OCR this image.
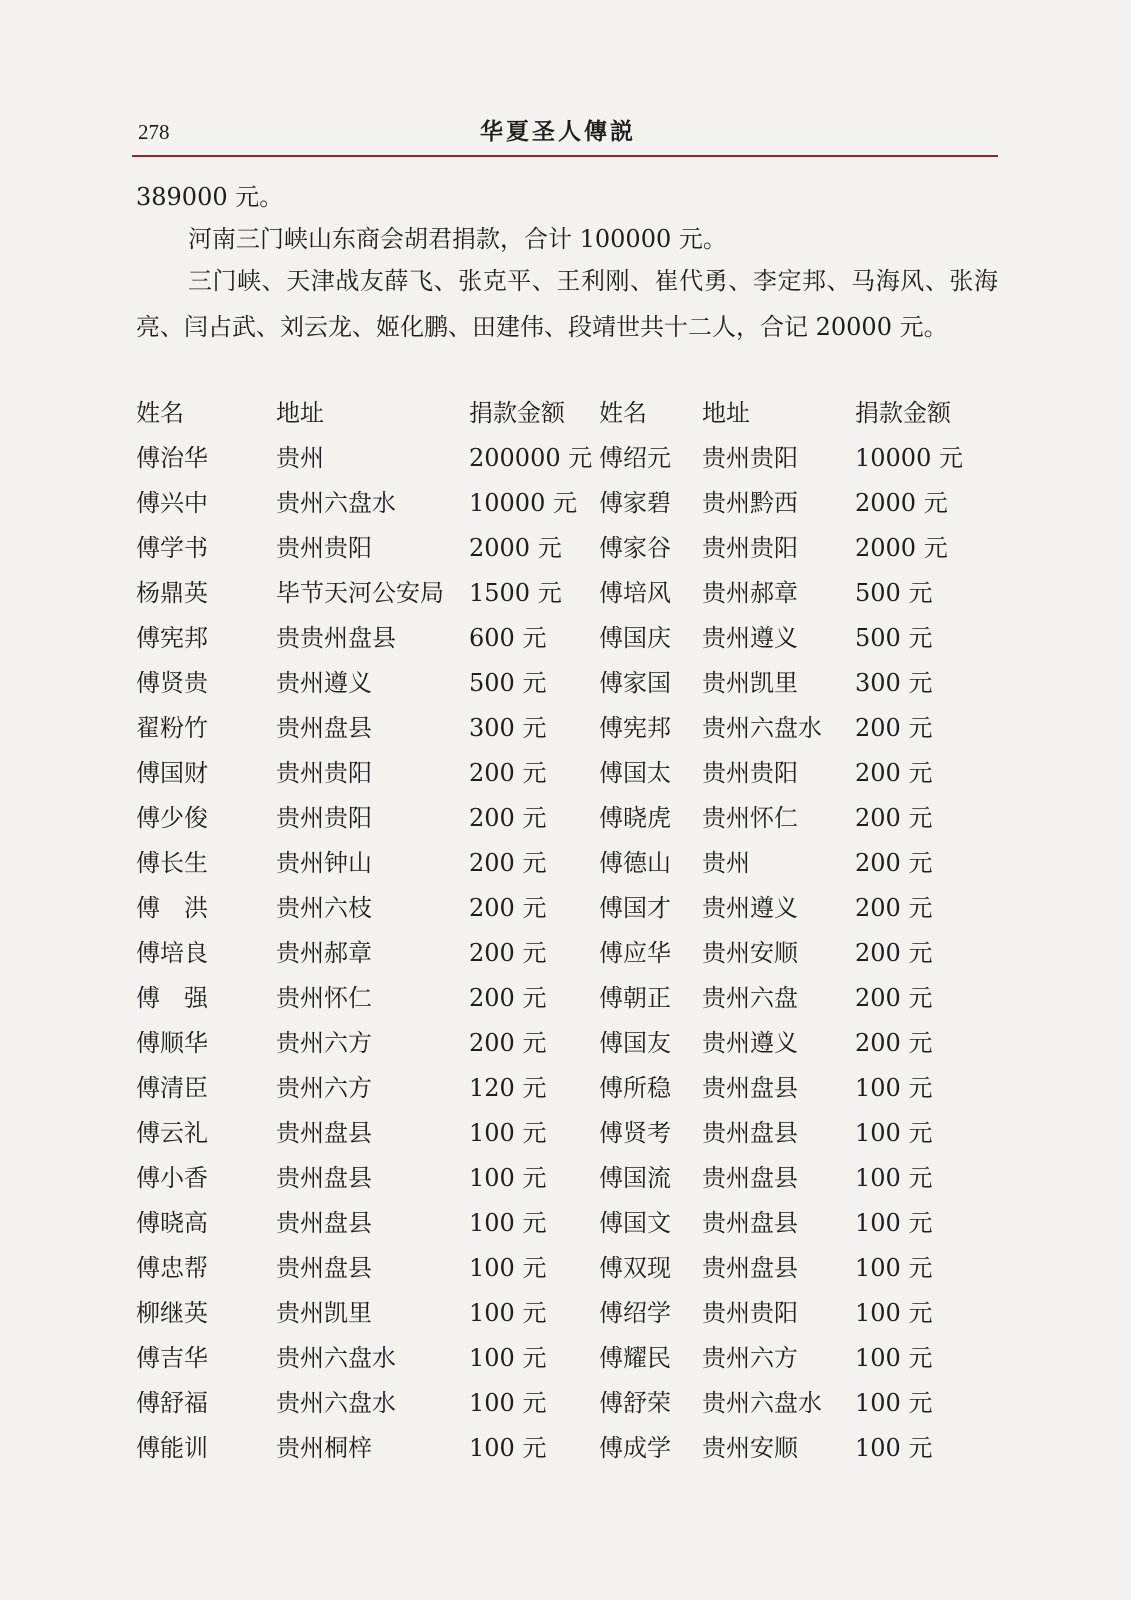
278	华夏圣人傳説

389000 元。

河南三门峡山东商会胡君捐款，合计 100000 元。

三门峡、天津战友薛飞、张克平、王利刚、崔代勇、李定邦、马海风、张海亮、闫占武、刘云龙、姬化鹏、田建伟、段靖世共十二人，合记 20000 元。

姓名	地址	捐款金额	姓名	地址	捐款金额
傅治华	贵州	200000 元	傅绍元	贵州贵阳	10000 元
傅兴中	贵州六盘水	10000 元	傅家碧	贵州黔西	2000 元
傅学书	贵州贵阳	2000 元	傅家谷	贵州贵阳	2000 元
杨鼎英	毕节天河公安局	1500 元	傅培风	贵州郝章	500 元
傅宪邦	贵贵州盘县	600 元	傅国庆	贵州遵义	500 元
傅贤贵	贵州遵义	500 元	傅家国	贵州凯里	300 元
翟粉竹	贵州盘县	300 元	傅宪邦	贵州六盘水	200 元
傅国财	贵州贵阳	200 元	傅国太	贵州贵阳	200 元
傅少俊	贵州贵阳	200 元	傅晓虎	贵州怀仁	200 元
傅长生	贵州钟山	200 元	傅德山	贵州	200 元
傅　洪	贵州六枝	200 元	傅国才	贵州遵义	200 元
傅培良	贵州郝章	200 元	傅应华	贵州安顺	200 元
傅　强	贵州怀仁	200 元	傅朝正	贵州六盘	200 元
傅顺华	贵州六方	200 元	傅国友	贵州遵义	200 元
傅清臣	贵州六方	120 元	傅所稳	贵州盘县	100 元
傅云礼	贵州盘县	100 元	傅贤考	贵州盘县	100 元
傅小香	贵州盘县	100 元	傅国流	贵州盘县	100 元
傅晓高	贵州盘县	100 元	傅国文	贵州盘县	100 元
傅忠帮	贵州盘县	100 元	傅双现	贵州盘县	100 元
柳继英	贵州凯里	100 元	傅绍学	贵州贵阳	100 元
傅吉华	贵州六盘水	100 元	傅耀民	贵州六方	100 元
傅舒福	贵州六盘水	100 元	傅舒荣	贵州六盘水	100 元
傅能训	贵州桐梓	100 元	傅成学	贵州安顺	100 元
